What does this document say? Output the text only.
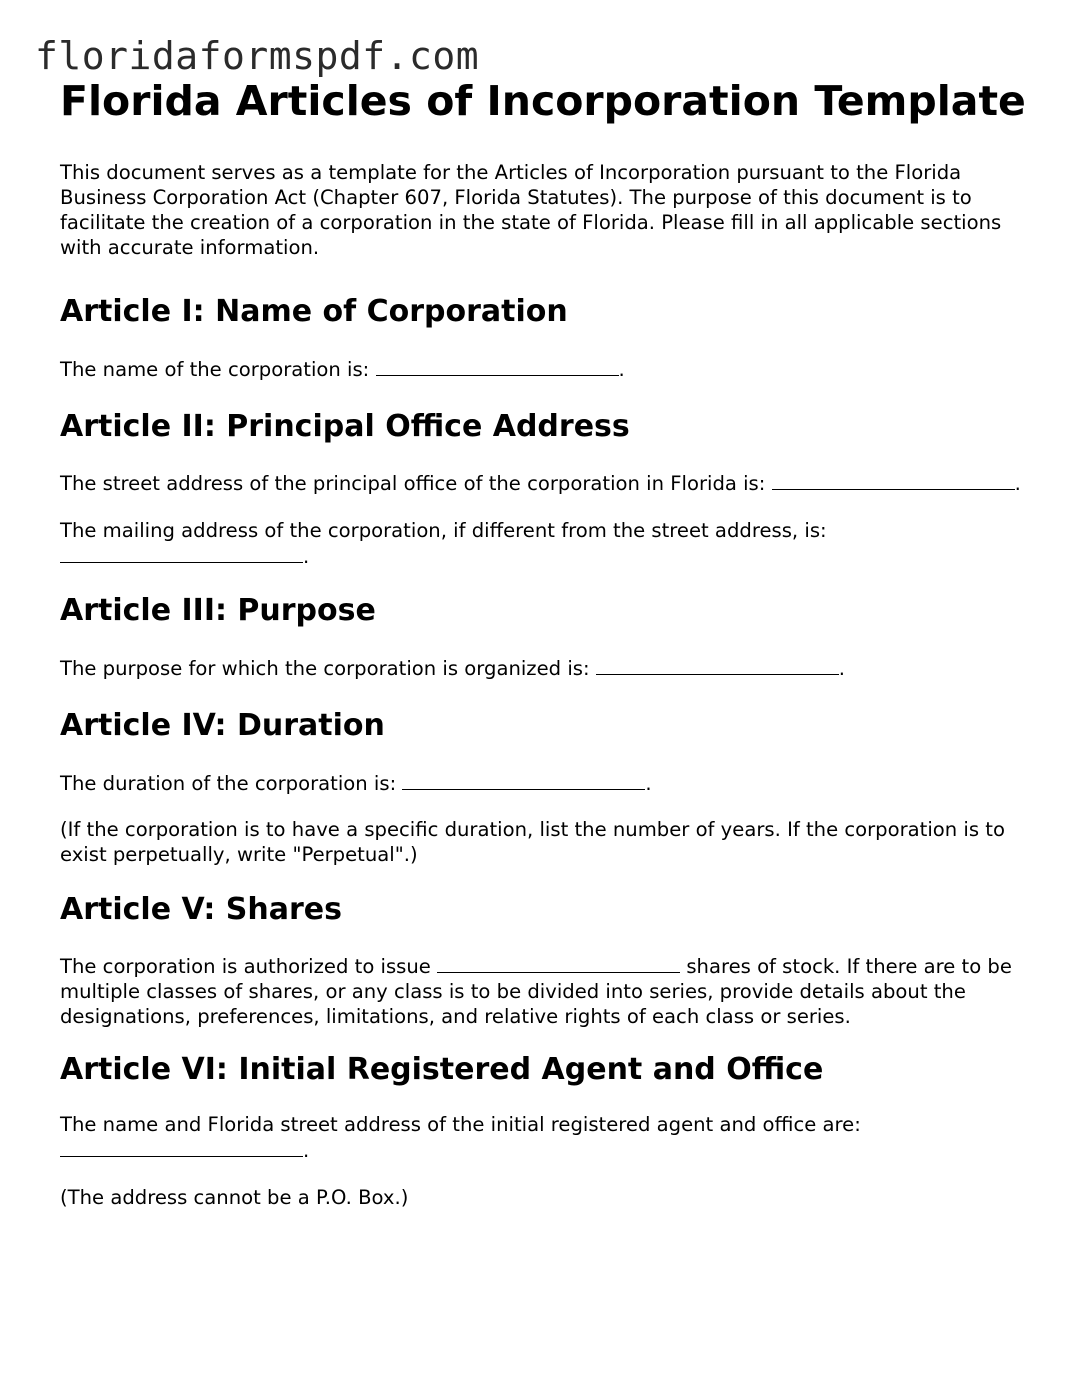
floridaformspdf.com
Florida Articles of Incorporation Template

This document serves as a template for the Articles of Incorporation pursuant to the Florida Business Corporation Act (Chapter 607, Florida Statutes). The purpose of this document is to facilitate the creation of a corporation in the state of Florida. Please fill in all applicable sections with accurate information.

Article I: Name of Corporation

The name of the corporation is:	.

Article II: Principal Office Address

The street address of the principal office of the corporation in Florida is:	.

The mailing address of the corporation, if different from the street address, is: .

Article III: Purpose

The purpose for which the corporation is organized is:	.

Article IV: Duration

The duration of the corporation is:	.

(If the corporation is to have a specific duration, list the number of years. If the corporation is to exist perpetually, write "Perpetual".)

Article V: Shares

The corporation is authorized to issue	shares of stock. If there are to be multiple classes of shares, or any class is to be divided into series, provide details about the designations, preferences, limitations, and relative rights of each class or series.

Article VI: Initial Registered Agent and Office

The name and Florida street address of the initial registered agent and office are: .

(The address cannot be a P.O. Box.)
